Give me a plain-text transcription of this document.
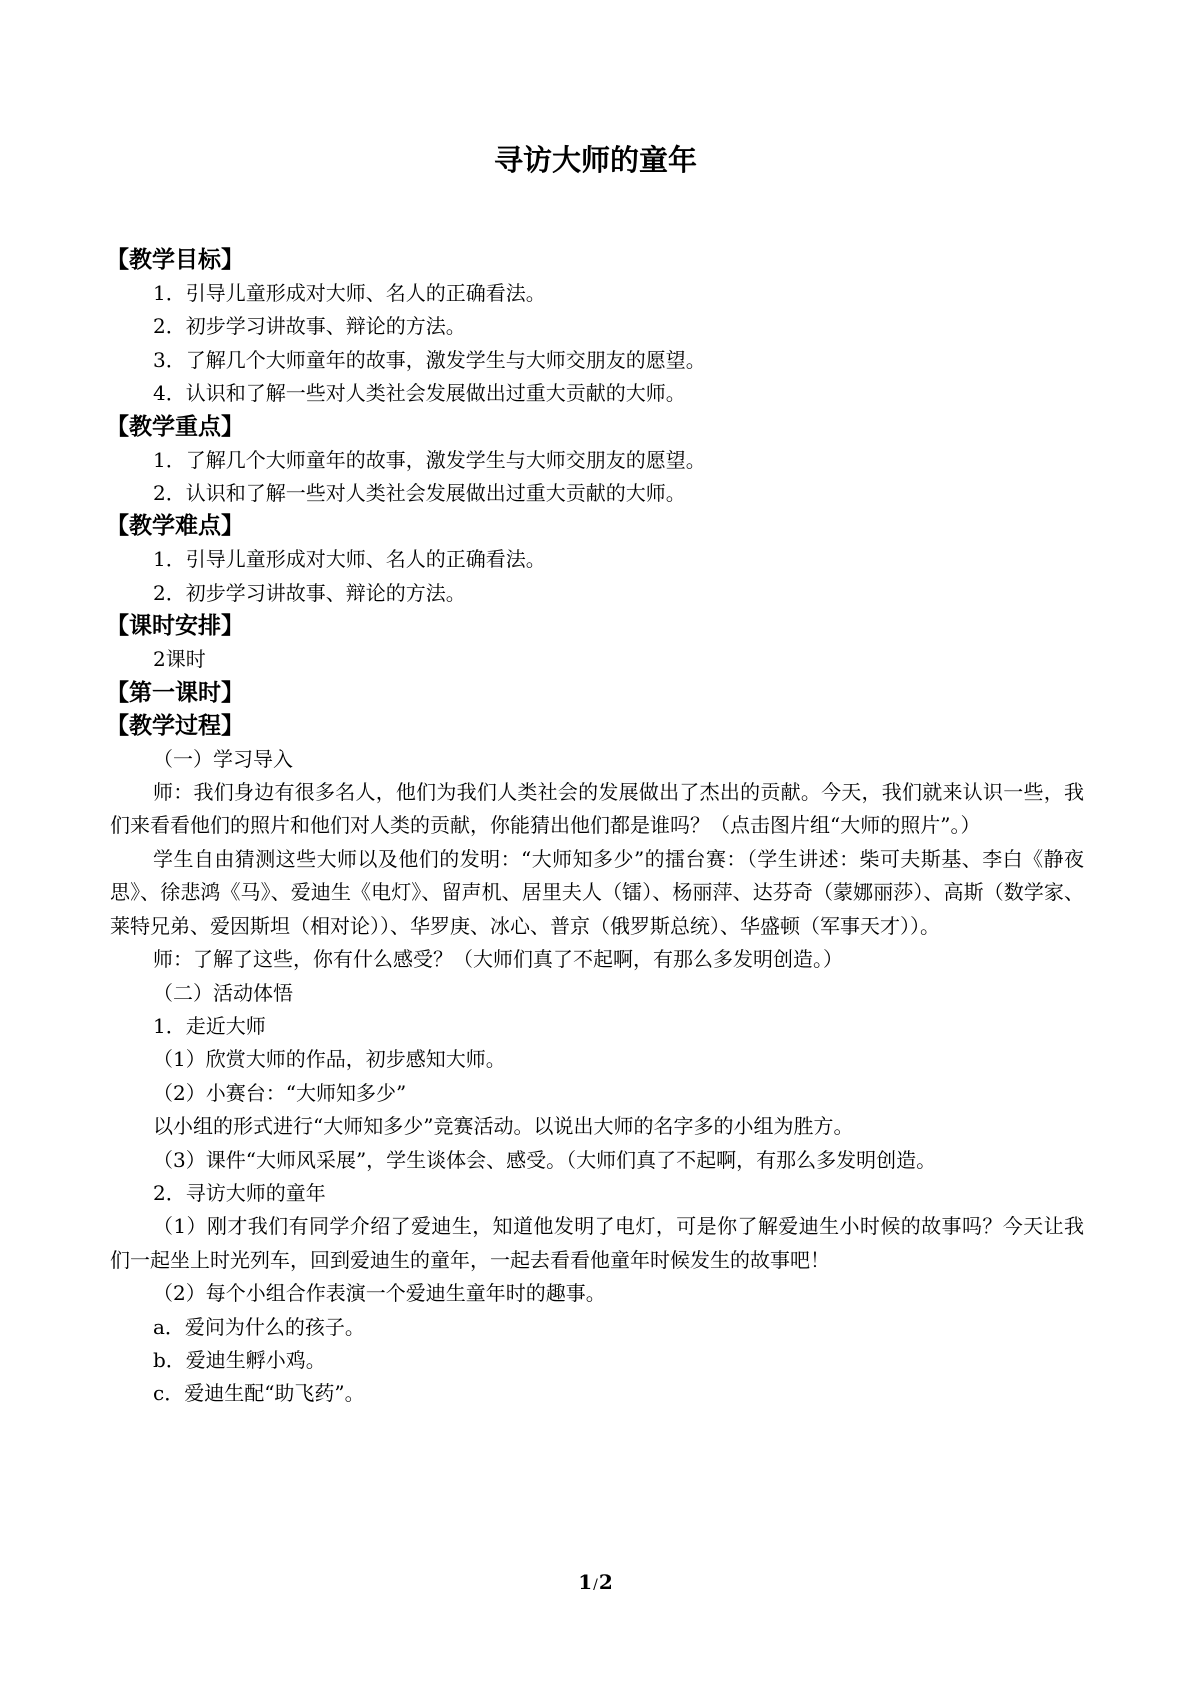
寻访大师的童年
【教学目标】

1．引导儿童形成对大师、名人的正确看法。

2．初步学习讲故事、辩论的方法。

3．了解几个大师童年的故事，激发学生与大师交朋友的愿望。

4．认识和了解一些对人类社会发展做出过重大贡献的大师。

【教学重点】

1．了解几个大师童年的故事，激发学生与大师交朋友的愿望。

2．认识和了解一些对人类社会发展做出过重大贡献的大师。

【教学难点】

1．引导儿童形成对大师、名人的正确看法。

2．初步学习讲故事、辩论的方法。

【课时安排】

2课时

【第一课时】
【教学过程】

（一）学习导入

师：我们身边有很多名人，他们为我们人类社会的发展做出了杰出的贡献。今天，我们就来认识一些，我们来看看他们的照片和他们对人类的贡献，你能猜出他们都是谁吗？（点击图片组“大师的照片”。）

学生自由猜测这些大师以及他们的发明：“大师知多少”的擂台赛：（学生讲述：柴可夫斯基、李白《静夜思》、徐悲鸿《马》、爱迪生《电灯》、留声机、居里夫人（镭）、杨丽萍、达芬奇（蒙娜丽莎）、高斯（数学家、莱特兄弟、爱因斯坦（相对论））、华罗庚、冰心、普京（俄罗斯总统）、华盛顿（军事天才））。

师：了解了这些，你有什么感受？（大师们真了不起啊，有那么多发明创造。）

（二）活动体悟

1．走近大师

（1）欣赏大师的作品，初步感知大师。

（2）小赛台：“大师知多少”

以小组的形式进行“大师知多少”竞赛活动。以说出大师的名字多的小组为胜方。

（3）课件“大师风采展”，学生谈体会、感受。（大师们真了不起啊，有那么多发明创造。

2．寻访大师的童年

（1）刚才我们有同学介绍了爱迪生，知道他发明了电灯，可是你了解爱迪生小时候的故事吗？今天让我们一起坐上时光列车，回到爱迪生的童年，一起去看看他童年时候发生的故事吧！

（2）每个小组合作表演一个爱迪生童年时的趣事。

a．爱问为什么的孩子。

b．爱迪生孵小鸡。

c．爱迪生配“助飞药”。

1/2
